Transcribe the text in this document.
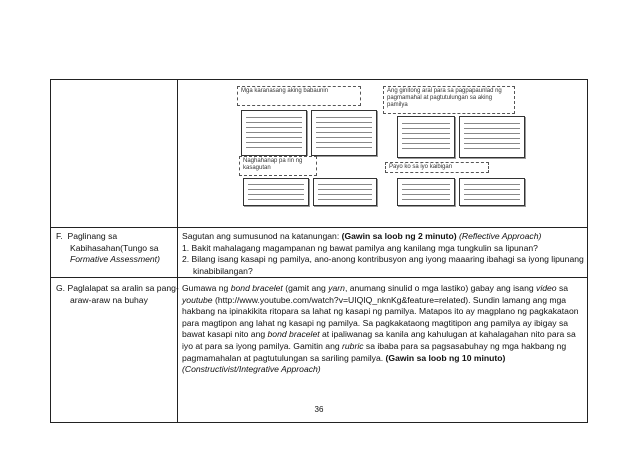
Mga karanasang aking babaunin	Ang ginitong aral para sa pagpapaunlad ng pagmamahal at pagtutulungan sa aking pamilya
Naghahanap pa rin ng kasagutan	Payo ko sa iyo kaibigan
F. Paglinang sa Kabihasahan(Tungo sa
Formative Assessment)
Sagutan ang sumusunod na katanungan: (Gawin sa loob ng 2 minuto) (Reflective Approach)
1. Bakit mahalagang magampanan ng bawat pamilya ang kanilang mga tungkulin sa lipunan?
2. Bilang isang kasapi ng pamilya, ano-anong kontribusyon ang iyong maaaring ibahagi sa iyong lipunang kinabibilangan?
G. Paglalapat sa aralin sa pang-araw-araw na buhay
Gumawa ng bond bracelet (gamit ang yarn, anumang sinulid o mga lastiko) gabay ang isang video sa youtube (http://www.youtube.com/watch?v=UIQIQ_nknKg&feature=related). Sundin lamang ang mga hakbang na ipinakikita ritopara sa lahat ng kasapi ng pamilya. Matapos ito ay magplano ng pagkakataon para magtipon ang lahat ng kasapi ng pamilya. Sa pagkakataong magtitipon ang pamilya ay ibigay sa bawat kasapi nito ang bond bracelet at ipaliwanag sa kanila ang kahulugan at kahalagahan nito para sa iyo at para sa iyong pamilya. Gamitin ang rubric sa ibaba para sa pagsasabuhay ng mga hakbang ng pagmamahalan at pagtutulungan sa sariling pamilya. (Gawin sa loob ng 10 minuto) (Constructivist/Integrative Approach)
36
